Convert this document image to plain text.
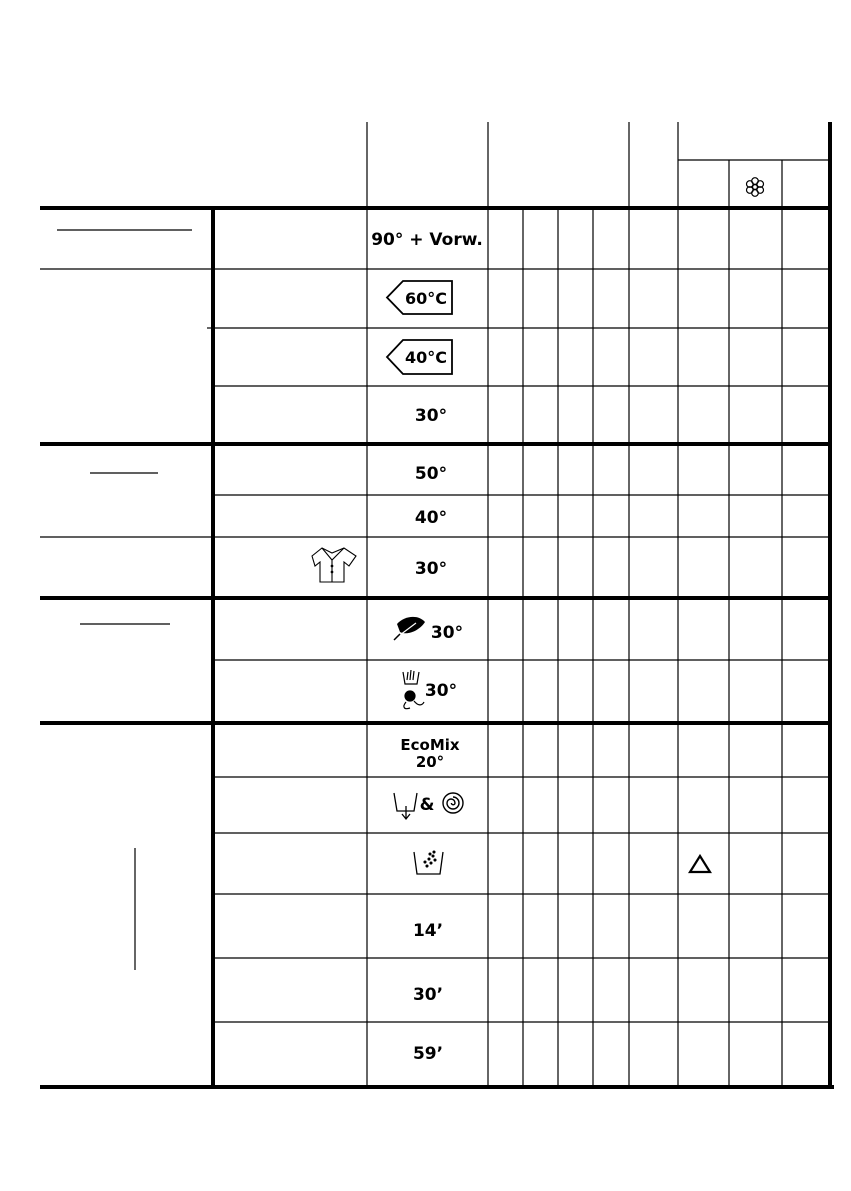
90° + Vorw.
60°C
40°C
30°
50°
40°
30°
30°
30°
EcoMix
20°
&
14’
30’
59’
